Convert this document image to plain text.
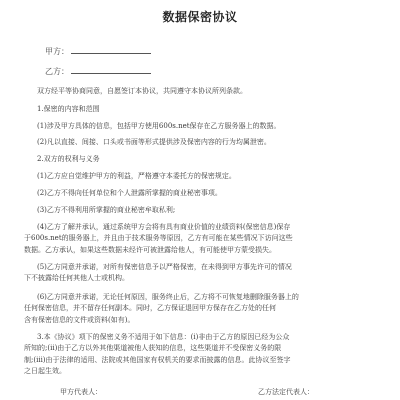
数据保密协议
甲方：
乙方：
双方经平等协商同意，自愿签订本协议，共同遵守本协议所列条款。
1.保密的内容和范围
(1)涉及甲方具体的信息，包括甲方使用600s.net保存在乙方服务器上的数据。
(2)凡以直接、间接、口头或书面等形式提供涉及保密内容的行为均属泄密。
2.双方的权利与义务
(1)乙方应自觉维护甲方的利益，严格遵守本委托方的保密规定。
(2)乙方不得向任何单位和个人泄露所掌握的商业秘密事项。
(3)乙方不得利用所掌握的商业秘密牟取私利;
(4)乙方了解并承认，通过系统甲方会将有具有商业价值的业绩资料(保密信息)保存
于600s.net的服务器上，并且由于技术服务等原因，乙方有可能在某些情况下访问这些
数据。乙方承认，如果这些数据未经许可被泄露给他人，有可能使甲方蒙受损失。
(5)乙方同意并承诺，对所有保密信息予以严格保密，在未得到甲方事先许可的情况
下不披露给任何其他人士或机构。
(6)乙方同意并承诺，无论任何原因，服务终止后，乙方将不可恢复地删除服务器上的
任何保密信息，并不留存任何副本。同时，乙方保证退回甲方保存在乙方处的任何
含有保密信息的文件或资料(如有)。
3.本《协议》项下的保密义务不适用于如下信息：(i)非由于乙方的原因已经为公众
所知的;(ii)由于乙方以外其他渠道被他人获知的信息，这些渠道并不受保密义务的限
制;(iii)由于法律的适用、法院或其他国家有权机关的要求而披露的信息。此协议至签字
之日起生效。
甲方代表人：	乙方法定代表人：
